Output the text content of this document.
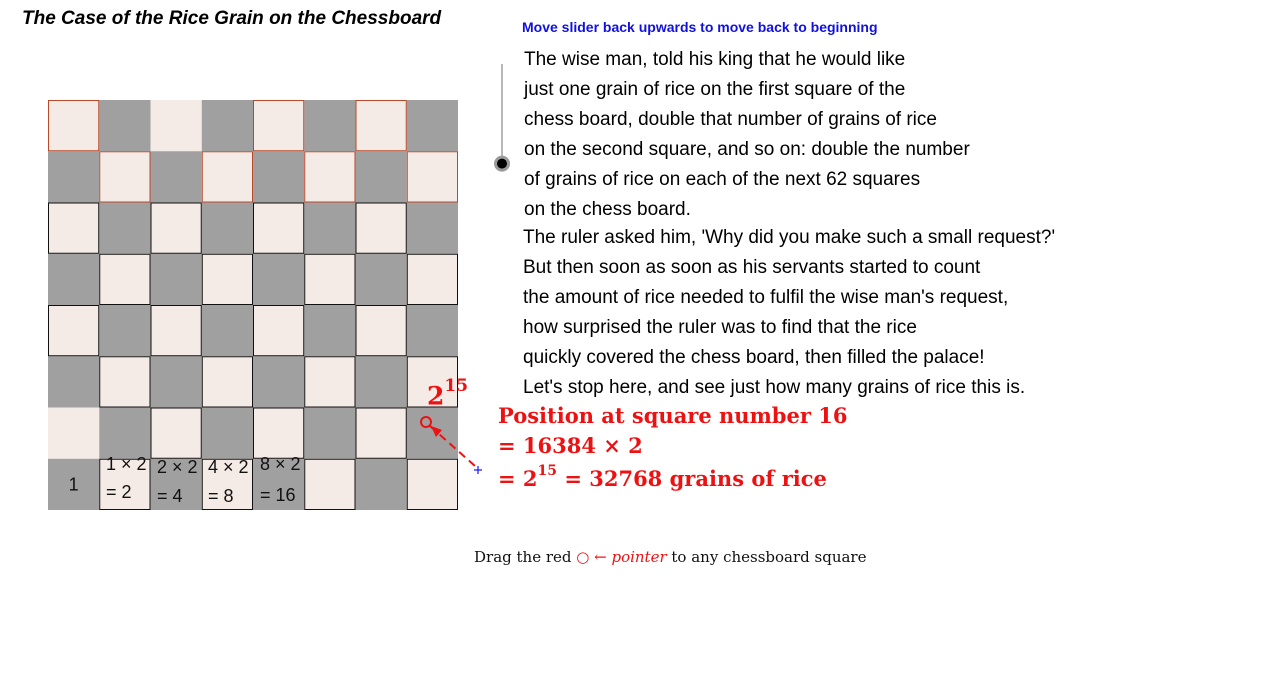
The Case of the Rice Grain on the Chessboard	Move slider back upwards to move back to beginning
The wise man, told his king that he would like
just one grain of rice on the first square of the
chess board, double that number of grains of rice
on the second square, and so on: double the number
of grains of rice on each of the next 62 squares
on the chess board.
The ruler asked him, 'Why did you make such a small request?'
But then soon as soon as his servants started to count
the amount of rice needed to fulfil the wise man's request,
how surprised the ruler was to find that the rice
quickly covered the chess board, then filled the palace!
Let's stop here, and see just how many grains of rice this is.
1
1 × 2
= 2
2 × 2
= 4
4 × 2
= 8
8 × 2
= 16
$2^{15}$
Position at square number 16
= 16384 × 2
= $2^{15} = 32768$ grains of rice
Drag the red ○ ← pointer to any chessboard square
